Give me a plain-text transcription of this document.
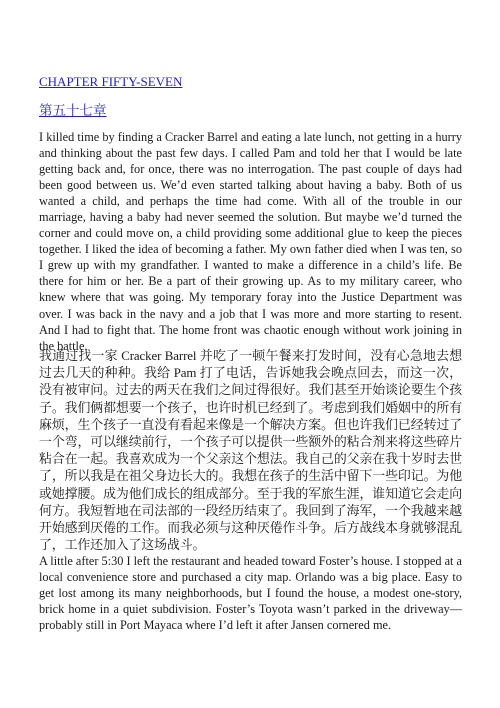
CHAPTER FIFTY-SEVEN
第五十七章

I killed time by finding a Cracker Barrel and eating a late lunch, not getting in a hurry and thinking about the past few days. I called Pam and told her that I would be late getting back and, for once, there was no interrogation. The past couple of days had been good between us. We’d even started talking about having a baby. Both of us wanted a child, and perhaps the time had come. With all of the trouble in our marriage, having a baby had never seemed the solution. But maybe we’d turned the corner and could move on, a child providing some additional glue to keep the pieces together. I liked the idea of becoming a father. My own father died when I was ten, so I grew up with my grandfather. I wanted to make a difference in a child’s life. Be there for him or her. Be a part of their growing up. As to my military career, who knew where that was going. My temporary foray into the Justice Department was over. I was back in the navy and a job that I was more and more starting to resent. And I had to fight that. The home front was chaotic enough without work joining in the battle.

我通过找一家 Cracker Barrel 并吃了一顿午餐来打发时间，没有心急地去想过去几天的种种。我给 Pam 打了电话，告诉她我会晚点回去，而这一次，没有被审问。过去的两天在我们之间过得很好。我们甚至开始谈论要生个孩子。我们俩都想要一个孩子，也许时机已经到了。考虑到我们婚姻中的所有麻烦，生个孩子一直没有看起来像是一个解决方案。但也许我们已经转过了一个弯，可以继续前行，一个孩子可以提供一些额外的粘合剂来将这些碎片粘合在一起。我喜欢成为一个父亲这个想法。我自己的父亲在我十岁时去世了，所以我是在祖父身边长大的。我想在孩子的生活中留下一些印记。为他或她撑腰。成为他们成长的组成部分。至于我的军旅生涯，谁知道它会走向何方。我短暂地在司法部的一段经历结束了。我回到了海军，一个我越来越开始感到厌倦的工作。而我必须与这种厌倦作斗争。后方战线本身就够混乱了，工作还加入了这场战斗。

A little after 5:30 I left the restaurant and headed toward Foster’s house. I stopped at a local convenience store and purchased a city map. Orlando was a big place. Easy to get lost among its many neighborhoods, but I found the house, a modest one-story, brick home in a quiet subdivision. Foster’s Toyota wasn’t parked in the driveway—probably still in Port Mayaca where I’d left it after Jansen cornered me.
